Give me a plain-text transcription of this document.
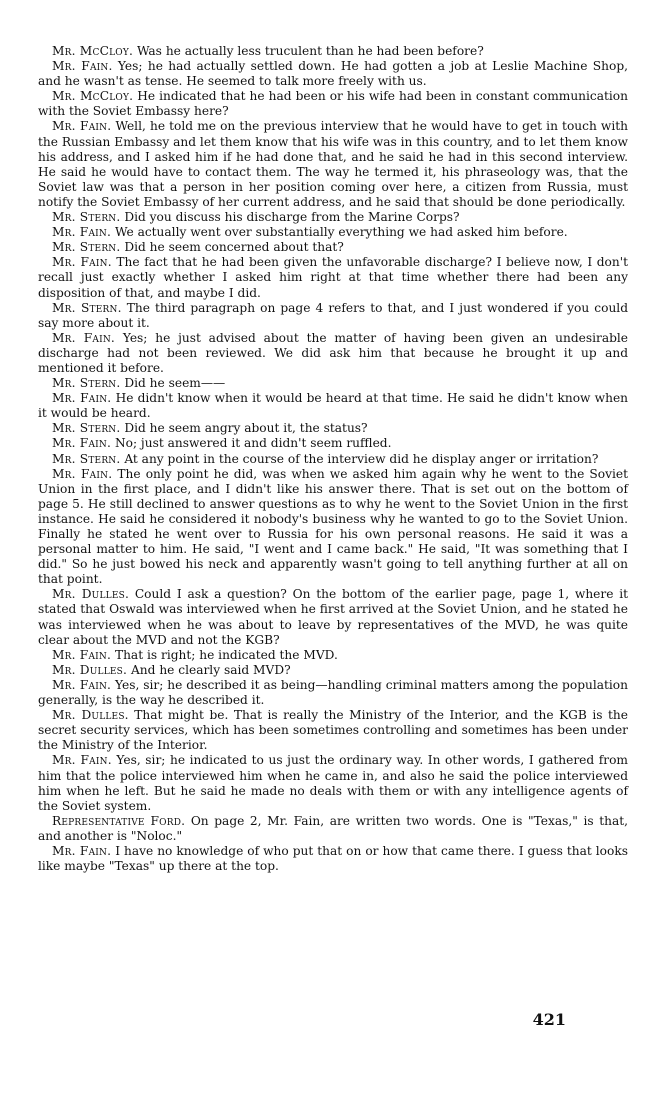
Mr. McCloy. Was he actually less truculent than he had been before?

Mr. Fain. Yes; he had actually settled down. He had gotten a job at Leslie Machine Shop, and he wasn't as tense. He seemed to talk more freely with us.

Mr. McCloy. He indicated that he had been or his wife had been in constant communication with the Soviet Embassy here?

Mr. Fain. Well, he told me on the previous interview that he would have to get in touch with the Russian Embassy and let them know that his wife was in this country, and to let them know his address, and I asked him if he had done that, and he said he had in this second interview. He said he would have to contact them. The way he termed it, his phraseology was, that the Soviet law was that a person in her position coming over here, a citizen from Russia, must notify the Soviet Embassy of her current address, and he said that should be done periodically.

Mr. Stern. Did you discuss his discharge from the Marine Corps?

Mr. Fain. We actually went over substantially everything we had asked him before.

Mr. Stern. Did he seem concerned about that?

Mr. Fain. The fact that he had been given the unfavorable discharge? I believe now, I don't recall just exactly whether I asked him right at that time whether there had been any disposition of that, and maybe I did.

Mr. Stern. The third paragraph on page 4 refers to that, and I just wondered if you could say more about it.

Mr. Fain. Yes; he just advised about the matter of having been given an undesirable discharge had not been reviewed. We did ask him that because he brought it up and mentioned it before.

Mr. Stern. Did he seem——

Mr. Fain. He didn't know when it would be heard at that time. He said he didn't know when it would be heard.

Mr. Stern. Did he seem angry about it, the status?

Mr. Fain. No; just answered it and didn't seem ruffled.

Mr. Stern. At any point in the course of the interview did he display anger or irritation?

Mr. Fain. The only point he did, was when we asked him again why he went to the Soviet Union in the first place, and I didn't like his answer there. That is set out on the bottom of page 5. He still declined to answer questions as to why he went to the Soviet Union in the first instance. He said he considered it nobody's business why he wanted to go to the Soviet Union. Finally he stated he went over to Russia for his own personal reasons. He said it was a personal matter to him. He said, "I went and I came back." He said, "It was something that I did." So he just bowed his neck and apparently wasn't going to tell anything further at all on that point.

Mr. Dulles. Could I ask a question? On the bottom of the earlier page, page 1, where it stated that Oswald was interviewed when he first arrived at the Soviet Union, and he stated he was interviewed when he was about to leave by representatives of the MVD, he was quite clear about the MVD and not the KGB?

Mr. Fain. That is right; he indicated the MVD.

Mr. Dulles. And he clearly said MVD?

Mr. Fain. Yes, sir; he described it as being—handling criminal matters among the population generally, is the way he described it.

Mr. Dulles. That might be. That is really the Ministry of the Interior, and the KGB is the secret security services, which has been sometimes controlling and sometimes has been under the Ministry of the Interior.

Mr. Fain. Yes, sir; he indicated to us just the ordinary way. In other words, I gathered from him that the police interviewed him when he came in, and also he said the police interviewed him when he left. But he said he made no deals with them or with any intelligence agents of the Soviet system.

Representative Ford. On page 2, Mr. Fain, are written two words. One is "Texas," is that, and another is "Noloc."

Mr. Fain. I have no knowledge of who put that on or how that came there. I guess that looks like maybe "Texas" up there at the top.

421
